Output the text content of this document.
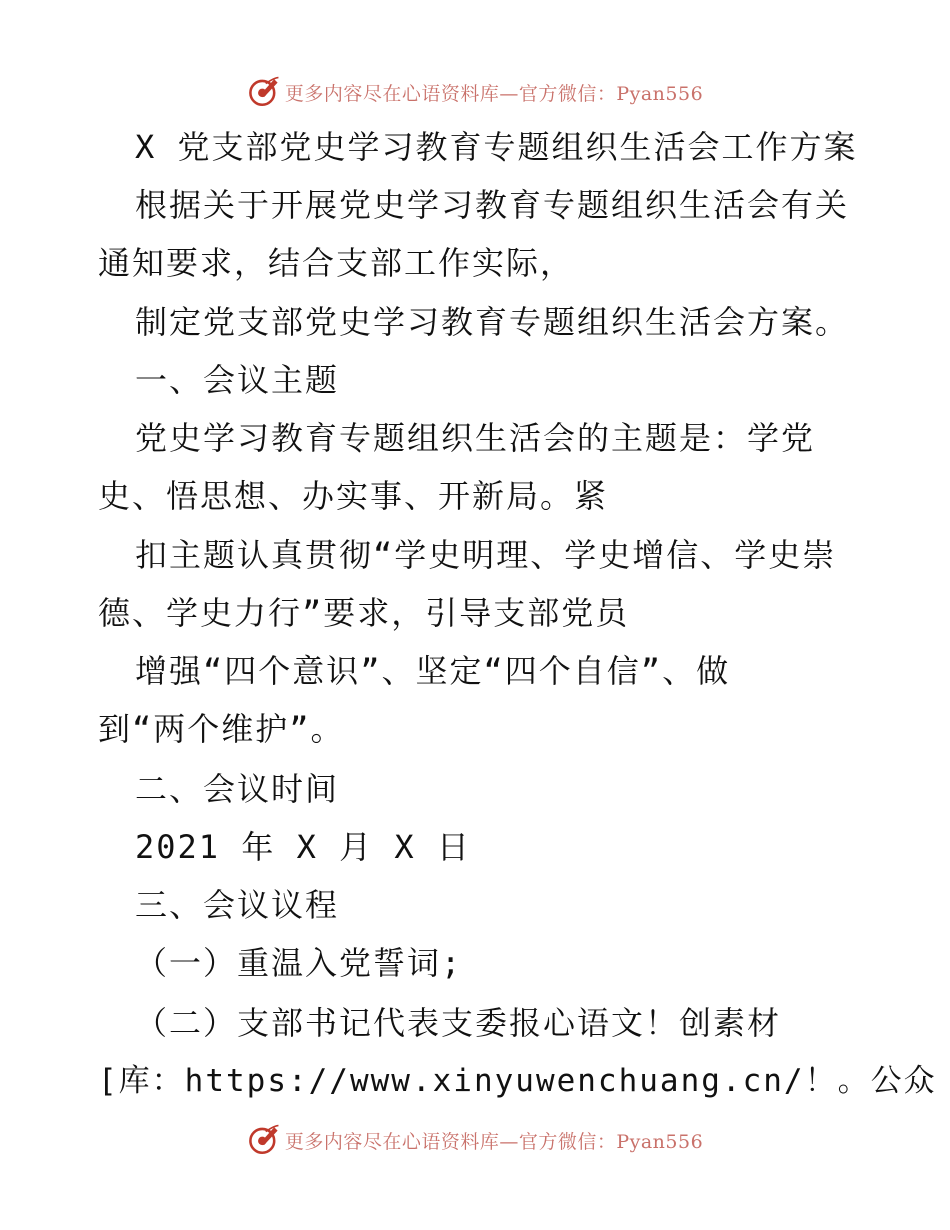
更多内容尽在心语资料库—官方微信：Pyan556
X 党支部党史学习教育专题组织生活会工作方案
根据关于开展党史学习教育专题组织生活会有关
通知要求，结合支部工作实际，
制定党支部党史学习教育专题组织生活会方案。
一、会议主题
党史学习教育专题组织生活会的主题是：学党
史、悟思想、办实事、开新局。紧
扣主题认真贯彻“学史明理、学史增信、学史崇
德、学史力行”要求，引导支部党员
增强“四个意识”、坚定“四个自信”、做
到“两个维护”。
二、会议时间
2021 年 X 月 X 日
三、会议议程
（一）重温入党誓词;
（二）支部书记代表支委报心语文！创素材
[库：https://www.xinyuwenchuang.cn/！。公众
更多内容尽在心语资料库—官方微信：Pyan556
